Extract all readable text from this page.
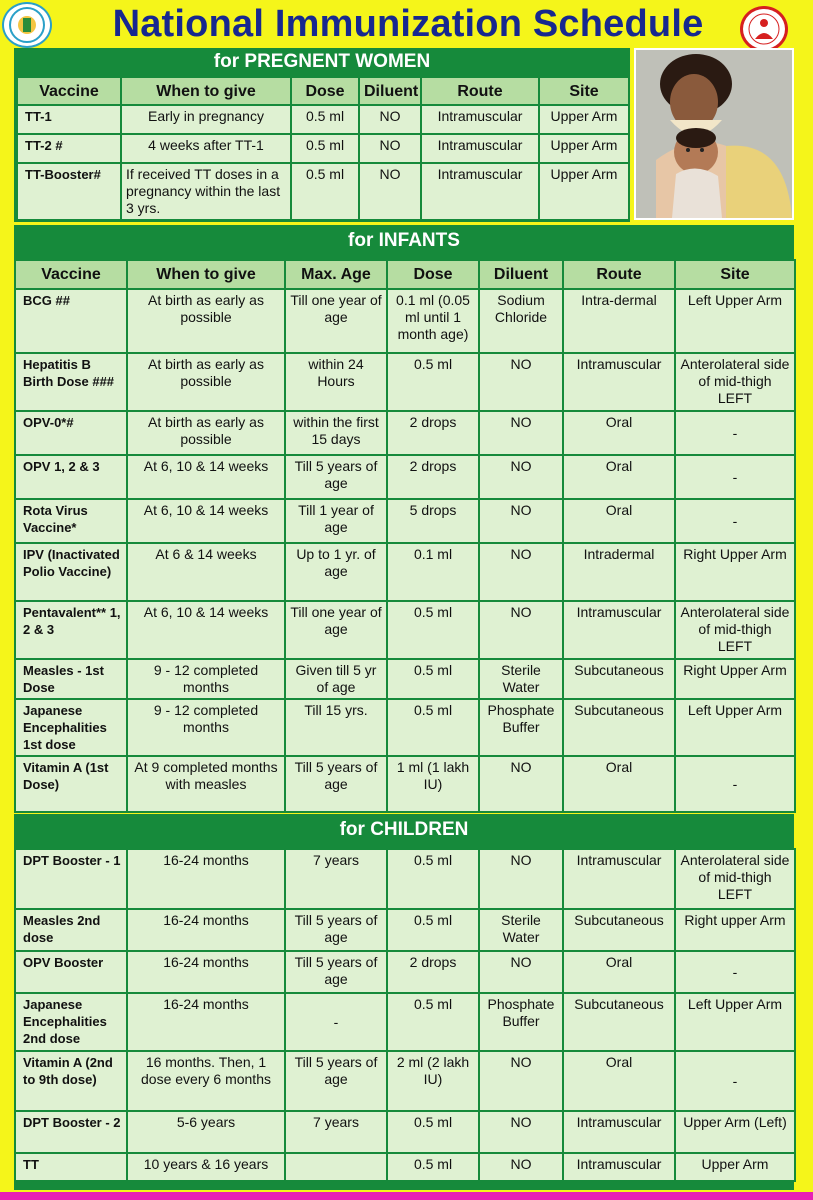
National Immunization Schedule
for PREGNENT WOMEN
Vaccine	When to give	Dose	Diluent	Route	Site
TT-1	Early in pregnancy	0.5 ml	NO	Intramuscular	Upper Arm
TT-2 #	4 weeks after TT-1	0.5 ml	NO	Intramuscular	Upper Arm
TT-Booster#	If received TT doses in a pregnancy within the last 3 yrs.	0.5 ml	NO	Intramuscular	Upper Arm
for INFANTS
Vaccine	When to give	Max. Age	Dose	Diluent	Route	Site
BCG ##	At birth as early as possible	Till one year of age	0.1 ml (0.05 ml until 1 month age)	Sodium Chloride	Intra-dermal	Left Upper Arm
Hepatitis B Birth Dose ###	At birth as early as possible	within 24 Hours	0.5 ml	NO	Intramuscular	Anterolateral side of mid-thigh LEFT
OPV-0*#	At birth as early as possible	within the first 15 days	2 drops	NO	Oral	-
OPV 1, 2 & 3	At 6, 10 & 14 weeks	Till 5 years of age	2 drops	NO	Oral	-
Rota Virus Vaccine*	At 6, 10 & 14 weeks	Till 1 year of age	5 drops	NO	Oral	-
IPV (Inactivated Polio Vaccine)	At 6 & 14 weeks	Up to 1 yr. of age	0.1 ml	NO	Intradermal	Right Upper Arm
Pentavalent** 1, 2 & 3	At 6, 10 & 14 weeks	Till one year of age	0.5 ml	NO	Intramuscular	Anterolateral side of mid-thigh LEFT
Measles - 1st Dose	9 - 12 completed months	Given till 5 yr of age	0.5 ml	Sterile Water	Subcutaneous	Right Upper Arm
Japanese Encephalities 1st dose	9 - 12 completed months	Till 15 yrs.	0.5 ml	Phosphate Buffer	Subcutaneous	Left Upper Arm
Vitamin A (1st Dose)	At 9 completed months with measles	Till 5 years of age	1 ml (1 lakh IU)	NO	Oral	-
for CHILDREN
DPT Booster - 1	16-24 months	7 years	0.5 ml	NO	Intramuscular	Anterolateral side of mid-thigh LEFT
Measles 2nd dose	16-24 months	Till 5 years of age	0.5 ml	Sterile Water	Subcutaneous	Right upper Arm
OPV Booster	16-24 months	Till 5 years of age	2 drops	NO	Oral	-
Japanese Encephalities 2nd dose	16-24 months	-	0.5 ml	Phosphate Buffer	Subcutaneous	Left Upper Arm
Vitamin A (2nd to 9th dose)	16 months. Then, 1 dose every 6 months	Till 5 years of age	2 ml (2 lakh IU)	NO	Oral	-
DPT Booster - 2	5-6 years	7 years	0.5 ml	NO	Intramuscular	Upper Arm (Left)
TT	10 years & 16 years		0.5 ml	NO	Intramuscular	Upper Arm
